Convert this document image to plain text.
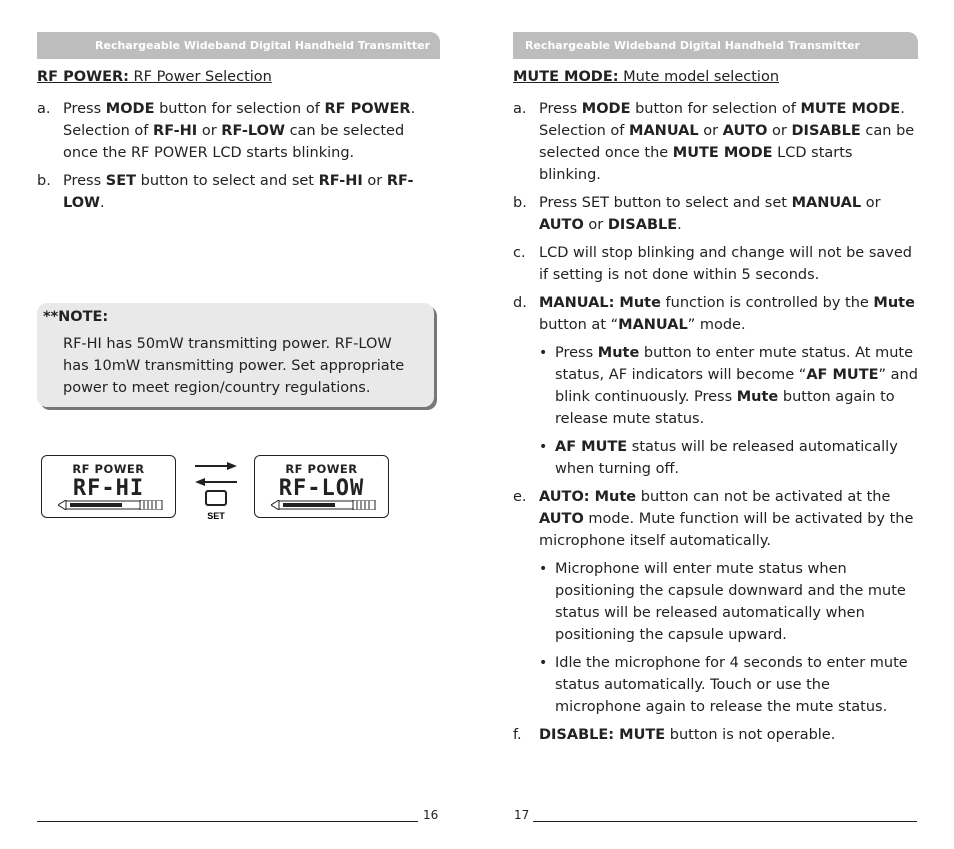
Rechargeable Wideband Digital Handheld Transmitter
RF POWER: RF Power Selection
a. Press MODE button for selection of RF POWER. Selection of RF-HI or RF-LOW can be selected once the RF POWER LCD starts blinking.
b. Press SET button to select and set RF-HI or RF-LOW.
**NOTE:
RF-HI has 50mW transmitting power. RF-LOW has 10mW transmitting power. Set appropriate power to meet region/country regulations.
RF POWER
RF-HI
SET
RF POWER
RF-LOW
16
Rechargeable Wideband Digital Handheld Transmitter
MUTE MODE: Mute model selection
a. Press MODE button for selection of MUTE MODE. Selection of MANUAL or AUTO or DISABLE can be selected once the MUTE MODE LCD starts blinking.
b. Press SET button to select and set MANUAL or AUTO or DISABLE.
c. LCD will stop blinking and change will not be saved if setting is not done within 5 seconds.
d. MANUAL: Mute function is controlled by the Mute button at “MANUAL” mode.
• Press Mute button to enter mute status. At mute status, AF indicators will become “AF MUTE” and blink continuously. Press Mute button again to release mute status.
• AF MUTE status will be released automatically when turning off.
e. AUTO: Mute button can not be activated at the AUTO mode. Mute function will be activated by the microphone itself automatically.
• Microphone will enter mute status when positioning the capsule downward and the mute status will be released automatically when positioning the capsule upward.
• Idle the microphone for 4 seconds to enter mute status automatically. Touch or use the microphone again to release the mute status.
f. DISABLE: MUTE button is not operable.
17
